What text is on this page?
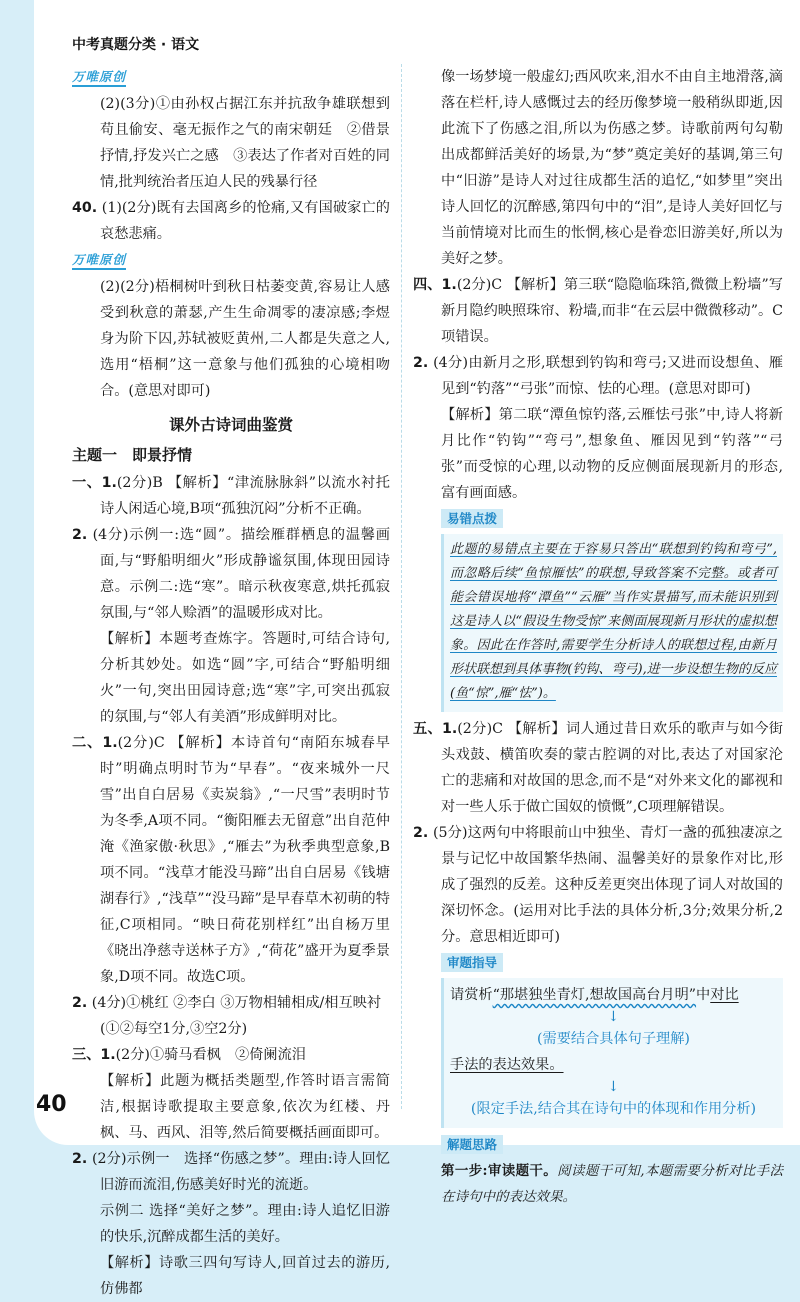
中考真题分类 · 语文
万唯原创

(2)(3分)①由孙权占据江东并抗敌争雄联想到苟且偷安、毫无振作之气的南宋朝廷　②借景抒情,抒发兴亡之感　③表达了作者对百姓的同情,批判统治者压迫人民的残暴行径

40. (1)(2分)既有去国离乡的怆痛,又有国破家亡的哀愁悲痛。

万唯原创

(2)(2分)梧桐树叶到秋日枯萎变黄,容易让人感受到秋意的萧瑟,产生生命凋零的凄凉感;李煜身为阶下囚,苏轼被贬黄州,二人都是失意之人,选用“梧桐”这一意象与他们孤独的心境相吻合。(意思对即可)

课外古诗词曲鉴赏
主题一　即景抒情

一、1.(2分)B 【解析】“津流脉脉斜”以流水衬托诗人闲适心境,B项“孤独沉闷”分析不正确。

2. (4分)示例一:选“圆”。描绘雁群栖息的温馨画面,与“野船明细火”形成静谧氛围,体现田园诗意。示例二:选“寒”。暗示秋夜寒意,烘托孤寂氛围,与“邻人赊酒”的温暖形成对比。

【解析】本题考查炼字。答题时,可结合诗句,分析其妙处。如选“圆”字,可结合“野船明细火”一句,突出田园诗意;选“寒”字,可突出孤寂的氛围,与“邻人有美酒”形成鲜明对比。

二、1.(2分)C 【解析】本诗首句“南陌东城春早时”明确点明时节为“早春”。“夜来城外一尺雪”出自白居易《卖炭翁》,“一尺雪”表明时节为冬季,A项不同。“衡阳雁去无留意”出自范仲淹《渔家傲·秋思》,“雁去”为秋季典型意象,B项不同。“浅草才能没马蹄”出自白居易《钱塘湖春行》,“浅草”“没马蹄”是早春草木初萌的特征,C项相同。“映日荷花别样红”出自杨万里《晓出净慈寺送林子方》,“荷花”盛开为夏季景象,D项不同。故选C项。

2. (4分)①桃红 ②李白 ③万物相辅相成/相互映衬

(①②每空1分,③空2分)

三、1.(2分)①骑马看枫　②倚阑流泪

【解析】此题为概括类题型,作答时语言需简洁,根据诗歌提取主要意象,依次为红楼、丹枫、马、西风、泪等,然后简要概括画面即可。

2. (2分)示例一　选择“伤感之梦”。理由:诗人回忆旧游而流泪,伤感美好时光的流逝。

示例二 选择“美好之梦”。理由:诗人追忆旧游的快乐,沉醉成都生活的美好。

【解析】诗歌三四句写诗人,回首过去的游历,仿佛都

像一场梦境一般虚幻;西风吹来,泪水不由自主地滑落,滴落在栏杆,诗人感慨过去的经历像梦境一般稍纵即逝,因此流下了伤感之泪,所以为伤感之梦。诗歌前两句勾勒出成都鲜活美好的场景,为“梦”奠定美好的基调,第三句中“旧游”是诗人对过往成都生活的追忆,“如梦里”突出诗人回忆的沉醉感,第四句中的“泪”,是诗人美好回忆与当前情境对比而生的怅惘,核心是眷恋旧游美好,所以为美好之梦。

四、1.(2分)C 【解析】第三联“隐隐临珠箔,微微上粉墙”写新月隐约映照珠帘、粉墙,而非“在云层中微微移动”。C项错误。

2. (4分)由新月之形,联想到钓钩和弯弓;又进而设想鱼、雁见到“钓落”“弓张”而惊、怯的心理。(意思对即可)

【解析】第二联“潭鱼惊钓落,云雁怯弓张”中,诗人将新月比作“钓钩”“弯弓”,想象鱼、雁因见到“钓落”“弓张”而受惊的心理,以动物的反应侧面展现新月的形态,富有画面感。

易错点拨

此题的易错点主要在于容易只答出“联想到钓钩和弯弓”,而忽略后续“鱼惊雁怯”的联想,导致答案不完整。或者可能会错误地将“潭鱼”“云雁”当作实景描写,而未能识别到这是诗人以“假设生物受惊”来侧面展现新月形状的虚拟想象。因此在作答时,需要学生分析诗人的联想过程,由新月形状联想到具体事物(钓钩、弯弓),进一步设想生物的反应(鱼“惊”,雁“怯”)。

五、1.(2分)C 【解析】词人通过昔日欢乐的歌声与如今街头戏鼓、横笛吹奏的蒙古腔调的对比,表达了对国家沦亡的悲痛和对故国的思念,而不是“对外来文化的鄙视和对一些人乐于做亡国奴的愤慨”,C项理解错误。

2. (5分)这两句中将眼前山中独坐、青灯一盏的孤独凄凉之景与记忆中故国繁华热闹、温馨美好的景象作对比,形成了强烈的反差。这种反差更突出体现了词人对故国的深切怀念。(运用对比手法的具体分析,3分;效果分析,2分。意思相近即可)

审题指导

请赏析“那堪独坐青灯,想故国高台月明”中对比

↓

(需要结合具体句子理解)

手法的表达效果。

↓

(限定手法,结合其在诗句中的体现和作用分析)

解题思路

第一步:审读题干。阅读题干可知,本题需要分析对比手法在诗句中的表达效果。

40
